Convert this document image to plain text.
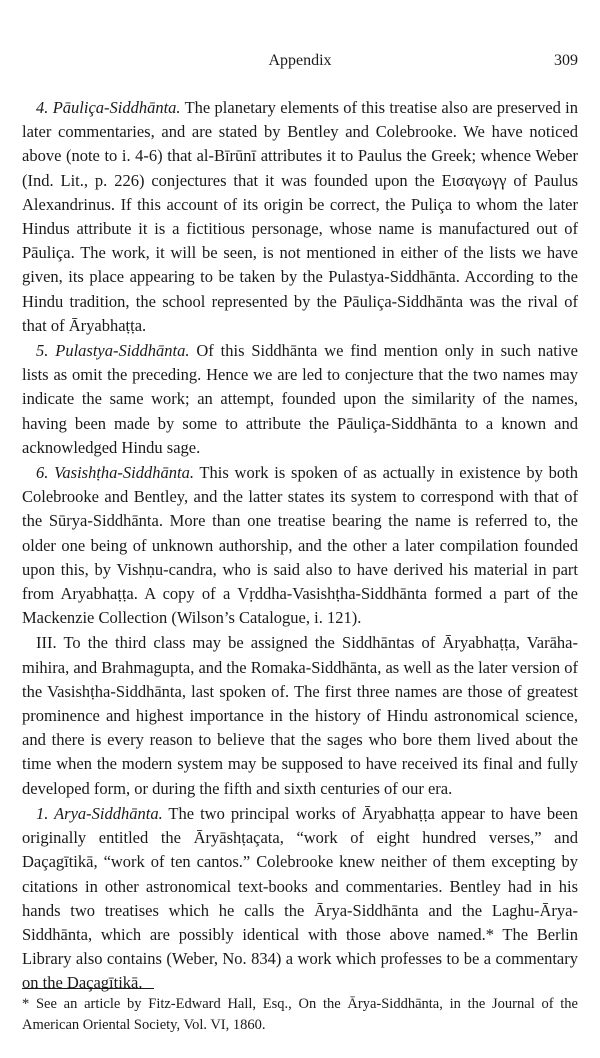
Appendix	309

4. Pāuliça-Siddhānta. The planetary elements of this treatise also are preserved in later commentaries, and are stated by Bentley and Colebrooke. We have noticed above (note to i. 4-6) that al-Bīrūnī attributes it to Paulus the Greek; whence Weber (Ind. Lit., p. 226) conjectures that it was founded upon the Εισαγωγγ of Paulus Alexandrinus. If this account of its origin be correct, the Puliça to whom the later Hindus attribute it is a fictitious personage, whose name is manufactured out of Pāuliça. The work, it will be seen, is not mentioned in either of the lists we have given, its place appearing to be taken by the Pulastya-Siddhānta. According to the Hindu tradition, the school represented by the Pāuliça-Siddhānta was the rival of that of Āryabhaṭṭa.

5. Pulastya-Siddhānta. Of this Siddhānta we find mention only in such native lists as omit the preceding. Hence we are led to conjecture that the two names may indicate the same work; an attempt, founded upon the similarity of the names, having been made by some to attribute the Pāuliça-Siddhānta to a known and acknowledged Hindu sage.

6. Vasishṭha-Siddhānta. This work is spoken of as actually in existence by both Colebrooke and Bentley, and the latter states its system to correspond with that of the Sūrya-Siddhānta. More than one treatise bearing the name is referred to, the older one being of unknown authorship, and the other a later compilation founded upon this, by Vishṇu-candra, who is said also to have derived his material in part from Aryabhaṭṭa. A copy of a Vṛddha-Vasishṭha-Siddhānta formed a part of the Mackenzie Collection (Wilson’s Catalogue, i. 121).

III. To the third class may be assigned the Siddhāntas of Āryabhaṭṭa, Varāha-mihira, and Brahmagupta, and the Romaka-Siddhānta, as well as the later version of the Vasishṭha-Siddhānta, last spoken of. The first three names are those of greatest prominence and highest importance in the history of Hindu astronomical science, and there is every reason to believe that the sages who bore them lived about the time when the modern system may be supposed to have received its final and fully developed form, or during the fifth and sixth centuries of our era.

1. Arya-Siddhānta. The two principal works of Āryabhaṭṭa appear to have been originally entitled the Āryāshṭaçata, “work of eight hundred verses,” and Daçagītikā, “work of ten cantos.” Colebrooke knew neither of them excepting by citations in other astronomical text-books and commentaries. Bentley had in his hands two treatises which he calls the Ārya-Siddhānta and the Laghu-Ārya-Siddhānta, which are possibly identical with those above named.* The Berlin Library also contains (Weber, No. 834) a work which professes to be a commentary on the Daçagītikā.

* See an article by Fitz-Edward Hall, Esq., On the Ārya-Siddhānta, in the Journal of the American Oriental Society, Vol. VI, 1860.
